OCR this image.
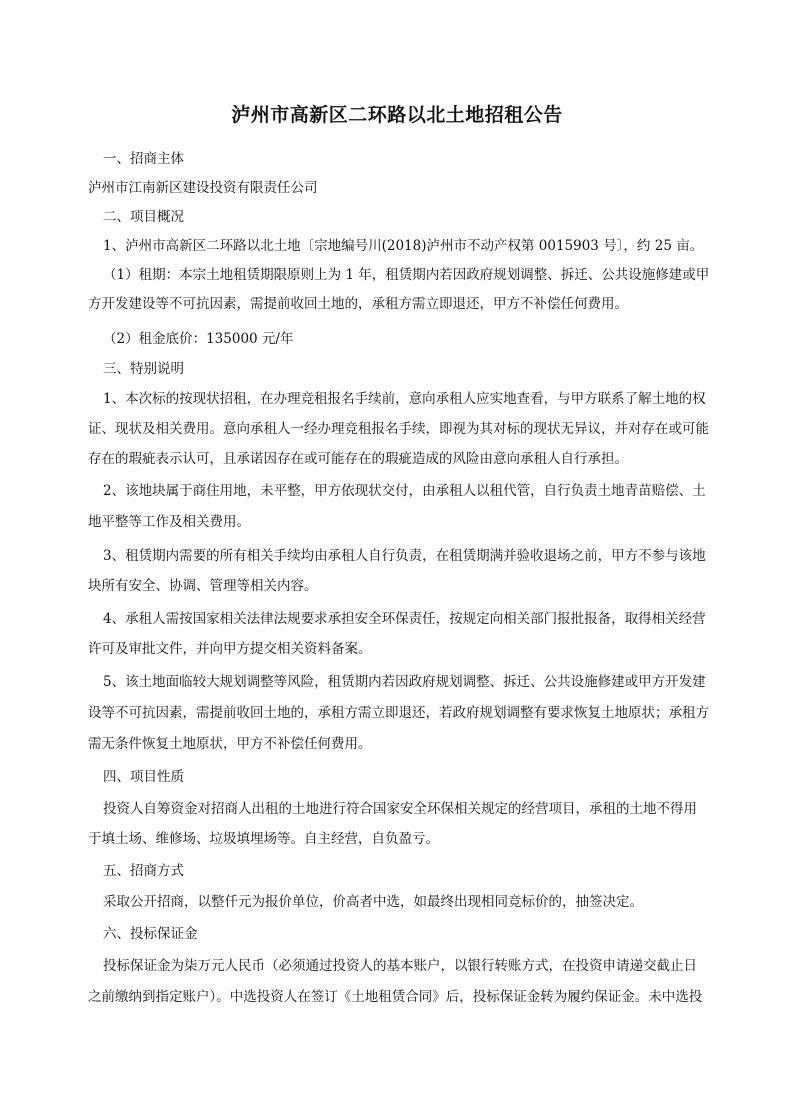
泸州市高新区二环路以北土地招租公告
一、招商主体
泸州市江南新区建设投资有限责任公司
二、项目概况
1、泸州市高新区二环路以北土地〔宗地编号川(2018)泸州市不动产权第 0015903 号〕，约 25 亩。
（1）租期：本宗土地租赁期限原则上为 1 年，租赁期内若因政府规划调整、拆迁、公共设施修建或甲
方开发建设等不可抗因素，需提前收回土地的，承租方需立即退还，甲方不补偿任何费用。
（2）租金底价：135000 元/年
三、特别说明
1、本次标的按现状招租，在办理竞租报名手续前，意向承租人应实地查看，与甲方联系了解土地的权
证、现状及相关费用。意向承租人一经办理竞租报名手续，即视为其对标的现状无异议，并对存在或可能
存在的瑕疵表示认可，且承诺因存在或可能存在的瑕疵造成的风险由意向承租人自行承担。
2、该地块属于商住用地，未平整，甲方依现状交付，由承租人以租代管，自行负责土地青苗赔偿、土
地平整等工作及相关费用。
3、租赁期内需要的所有相关手续均由承租人自行负责，在租赁期满并验收退场之前，甲方不参与该地
块所有安全、协调、管理等相关内容。
4、承租人需按国家相关法律法规要求承担安全环保责任，按规定向相关部门报批报备，取得相关经营
许可及审批文件，并向甲方提交相关资料备案。
5、该土地面临较大规划调整等风险，租赁期内若因政府规划调整、拆迁、公共设施修建或甲方开发建
设等不可抗因素，需提前收回土地的，承租方需立即退还，若政府规划调整有要求恢复土地原状；承租方
需无条件恢复土地原状，甲方不补偿任何费用。
四、项目性质
投资人自筹资金对招商人出租的土地进行符合国家安全环保相关规定的经营项目，承租的土地不得用
于填土场、维修场、垃圾填埋场等。自主经营，自负盈亏。
五、招商方式
采取公开招商，以整仟元为报价单位，价高者中选，如最终出现相同竞标价的，抽签决定。
六、投标保证金
投标保证金为柒万元人民币（必须通过投资人的基本账户，以银行转账方式，在投资申请递交截止日
之前缴纳到指定账户）。中选投资人在签订《土地租赁合同》后，投标保证金转为履约保证金。未中选投
